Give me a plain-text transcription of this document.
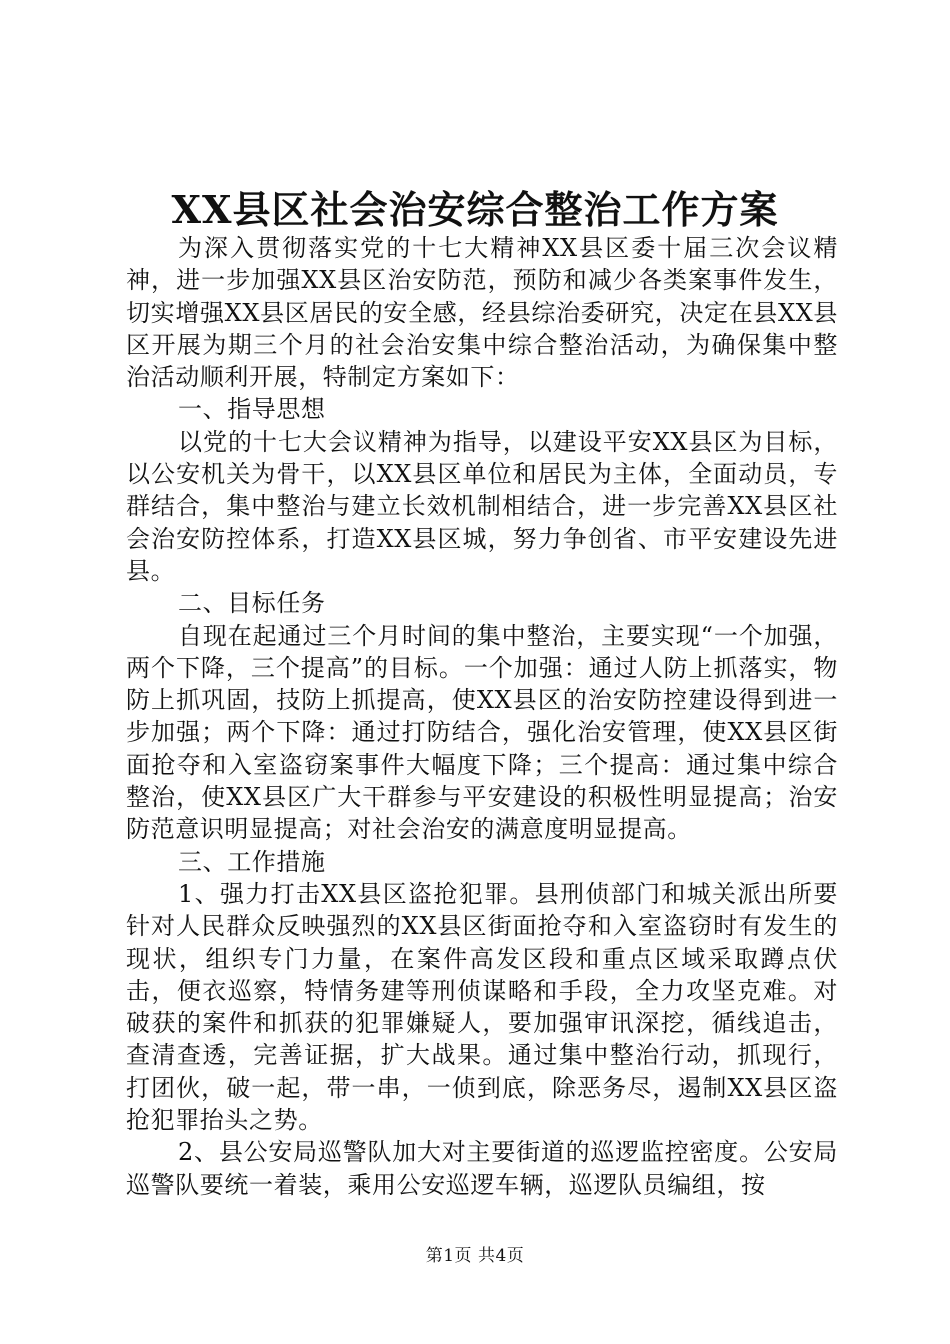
XX县区社会治安综合整治工作方案

为深入贯彻落实党的十七大精神XX县区委十届三次会议精神，进一步加强XX县区治安防范，预防和减少各类案事件发生，切实增强XX县区居民的安全感，经县综治委研究，决定在县XX县区开展为期三个月的社会治安集中综合整治活动，为确保集中整治活动顺利开展，特制定方案如下：

一、指导思想

以党的十七大会议精神为指导，以建设平安XX县区为目标，以公安机关为骨干，以XX县区单位和居民为主体，全面动员，专群结合，集中整治与建立长效机制相结合，进一步完善XX县区社会治安防控体系，打造XX县区城，努力争创省、市平安建设先进县。

二、目标任务

自现在起通过三个月时间的集中整治，主要实现“一个加强，两个下降，三个提高”的目标。一个加强：通过人防上抓落实，物防上抓巩固，技防上抓提高，使XX县区的治安防控建设得到进一步加强；两个下降：通过打防结合，强化治安管理，使XX县区街面抢夺和入室盗窃案事件大幅度下降；三个提高：通过集中综合整治，使XX县区广大干群参与平安建设的积极性明显提高；治安防范意识明显提高；对社会治安的满意度明显提高。

三、工作措施

1、强力打击XX县区盗抢犯罪。县刑侦部门和城关派出所要针对人民群众反映强烈的XX县区街面抢夺和入室盗窃时有发生的现状，组织专门力量，在案件高发区段和重点区域采取蹲点伏击，便衣巡察，特情务建等刑侦谋略和手段，全力攻坚克难。对破获的案件和抓获的犯罪嫌疑人，要加强审讯深挖，循线追击，查清查透，完善证据，扩大战果。通过集中整治行动，抓现行，打团伙，破一起，带一串，一侦到底，除恶务尽，遏制XX县区盗抢犯罪抬头之势。

2、县公安局巡警队加大对主要街道的巡逻监控密度。公安局巡警队要统一着装，乘用公安巡逻车辆，巡逻队员编组，按

第1页 共4页
